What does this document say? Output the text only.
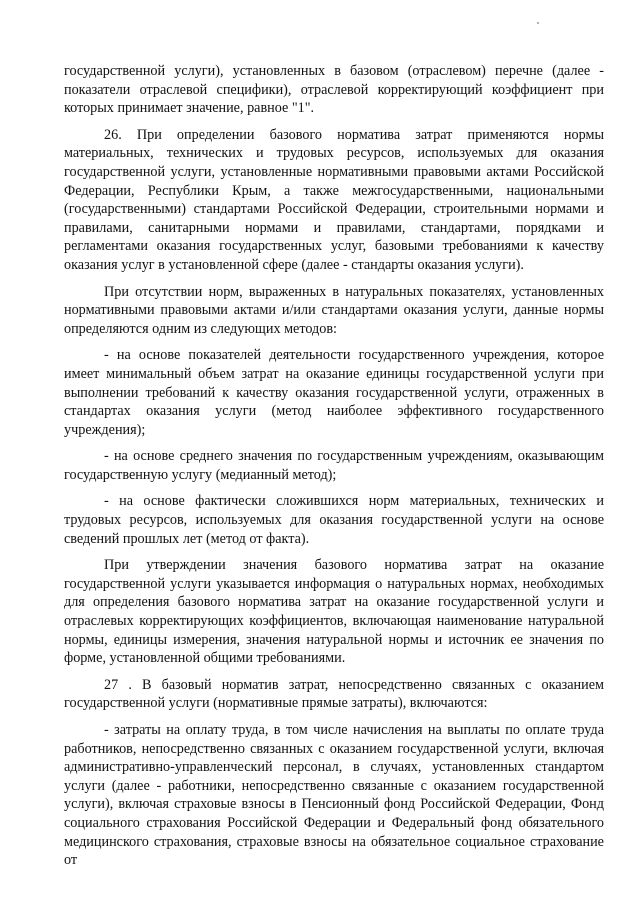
государственной услуги), установленных в базовом (отраслевом) перечне (далее - показатели отраслевой специфики), отраслевой корректирующий коэффициент при которых принимает значение, равное "1".

26. При определении базового норматива затрат применяются нормы материальных, технических и трудовых ресурсов, используемых для оказания государственной услуги, установленные нормативными правовыми актами Российской Федерации, Республики Крым, а также межгосударственными, национальными (государственными) стандартами Российской Федерации, строительными нормами и правилами, санитарными нормами и правилами, стандартами, порядками и регламентами оказания государственных услуг, базовыми требованиями к качеству оказания услуг в установленной сфере (далее - стандарты оказания услуги).

При отсутствии норм, выраженных в натуральных показателях, установленных нормативными правовыми актами и/или стандартами оказания услуги, данные нормы определяются одним из следующих методов:

- на основе показателей деятельности государственного учреждения, которое имеет минимальный объем затрат на оказание единицы государственной услуги при выполнении требований к качеству оказания государственной услуги, отраженных в стандартах оказания услуги (метод наиболее эффективного государственного учреждения);

- на основе среднего значения по государственным учреждениям, оказывающим государственную услугу (медианный метод);

- на основе фактически сложившихся норм материальных, технических и трудовых ресурсов, используемых для оказания государственной услуги на основе сведений прошлых лет (метод от факта).

При утверждении значения базового норматива затрат на оказание государственной услуги указывается информация о натуральных нормах, необходимых для определения базового норматива затрат на оказание государственной услуги и отраслевых корректирующих коэффициентов, включающая наименование натуральной нормы, единицы измерения, значения натуральной нормы и источник ее значения по форме, установленной общими требованиями.

27 . В базовый норматив затрат, непосредственно связанных с оказанием государственной услуги (нормативные прямые затраты), включаются:

- затраты на оплату труда, в том числе начисления на выплаты по оплате труда работников, непосредственно связанных с оказанием государственной услуги, включая административно-управленческий персонал, в случаях, установленных стандартом услуги (далее - работники, непосредственно связанные с оказанием государственной услуги), включая страховые взносы в Пенсионный фонд Российской Федерации, Фонд социального страхования Российской Федерации и Федеральный фонд обязательного медицинского страхования, страховые взносы на обязательное социальное страхование от
